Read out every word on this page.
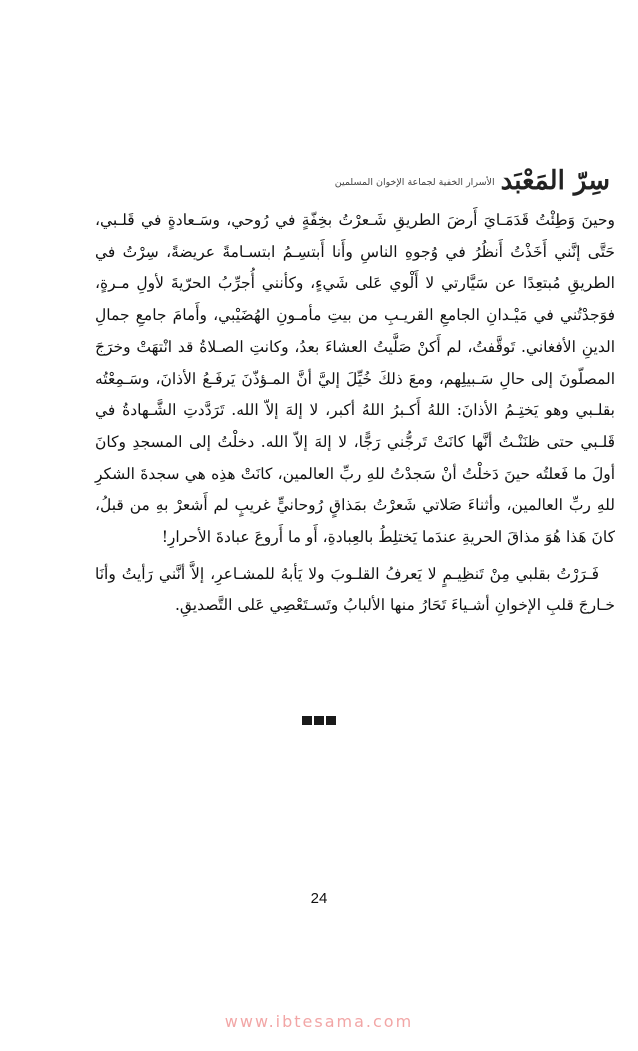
سِرّ المَعْبَد
الأسرار الخفية لجماعة الإخوان المسلمين

وحينَ وَطِئْتُ قَدَمَـايَ أَرضَ الطريقِ شَـعرْتُ بخِفّةٍ في رُوحي، وسَـعادةٍ في قَلـبي، حَتَّى إنَّني أَخَذْتُ أَنظُرُ في وُجوهِ الناسِ وأَنا أَبتسِـمُ ابتسـامةً عريضةً، سِرْتُ في الطريقِ مُبتعِدًا عن سَيَّارتي لا أَلْوي عَلى شَيءٍ، وكأنني أُجرِّبُ الحرّيةَ لأولِ مـرةٍ، فوَجدْتُني في مَيْـدانِ الجامعِ القريـبِ من بيتِ مأمـونِ الهُضَيْبي، وأَمامَ جامعِ جمالِ الدينِ الأفغاني. تَوقَّفتُ، لم أَكنْ صَلَّيتُ العشاءَ بعدُ، وكانتِ الصـلاةُ قد انْتهَتْ وخرَجَ المصلّونَ إلى حالِ سَـبيلِهم، ومعَ ذلكَ خُيِّلَ إليَّ أنَّ المـؤذّنَ يَرفَـعُ الأذانَ، وسَـمِعْتُه بقلـبي وهو يَختِـمُ الأذانَ: اللهُ أَكـبرُ اللهُ أكبر، لا إلهَ إلاّ الله. تَرَدَّدتِ الشَّـهادةُ في قَلـبي حتى ظنَنْـتُ أنَّها كانَتْ تَرجُّني رَجًّا، لا إلهَ إلاّ الله. دخلْتُ إلى المسجدِ وكانَ أولَ ما فَعلتُه حينَ دَخلْتُ أنْ سَجدْتُ للهِ ربِّ العالمين، كانَتْ هذِه هي سجدةَ الشكرِ للهِ ربِّ العالمين، وأثناءَ صَلاتي شَعرْتُ بمَذاقٍ رُوحانيٍّ غريبٍ لم أَشعرْ بهِ من قبلُ، كانَ هَذا هُوَ مذاقَ الحريةِ عندَما يَختلِطُ بالعِبادةِ، أَو ما أَروعَ عبادةَ الأحرارِ!

فَـرَرْتُ بقلبي مِنْ تَنظِيـمٍ لا يَعرفُ القلـوبَ ولا يَأبهُ للمشـاعرِ، إلاَّ أنَّني رَأيتُ وأنَا خـارجَ قلبِ الإخوانِ أشـياءَ تَحَارُ منها الألبابُ وتَسـتَعْصِي عَلى التَّصديقِ.

24
www.ibtesama.com
